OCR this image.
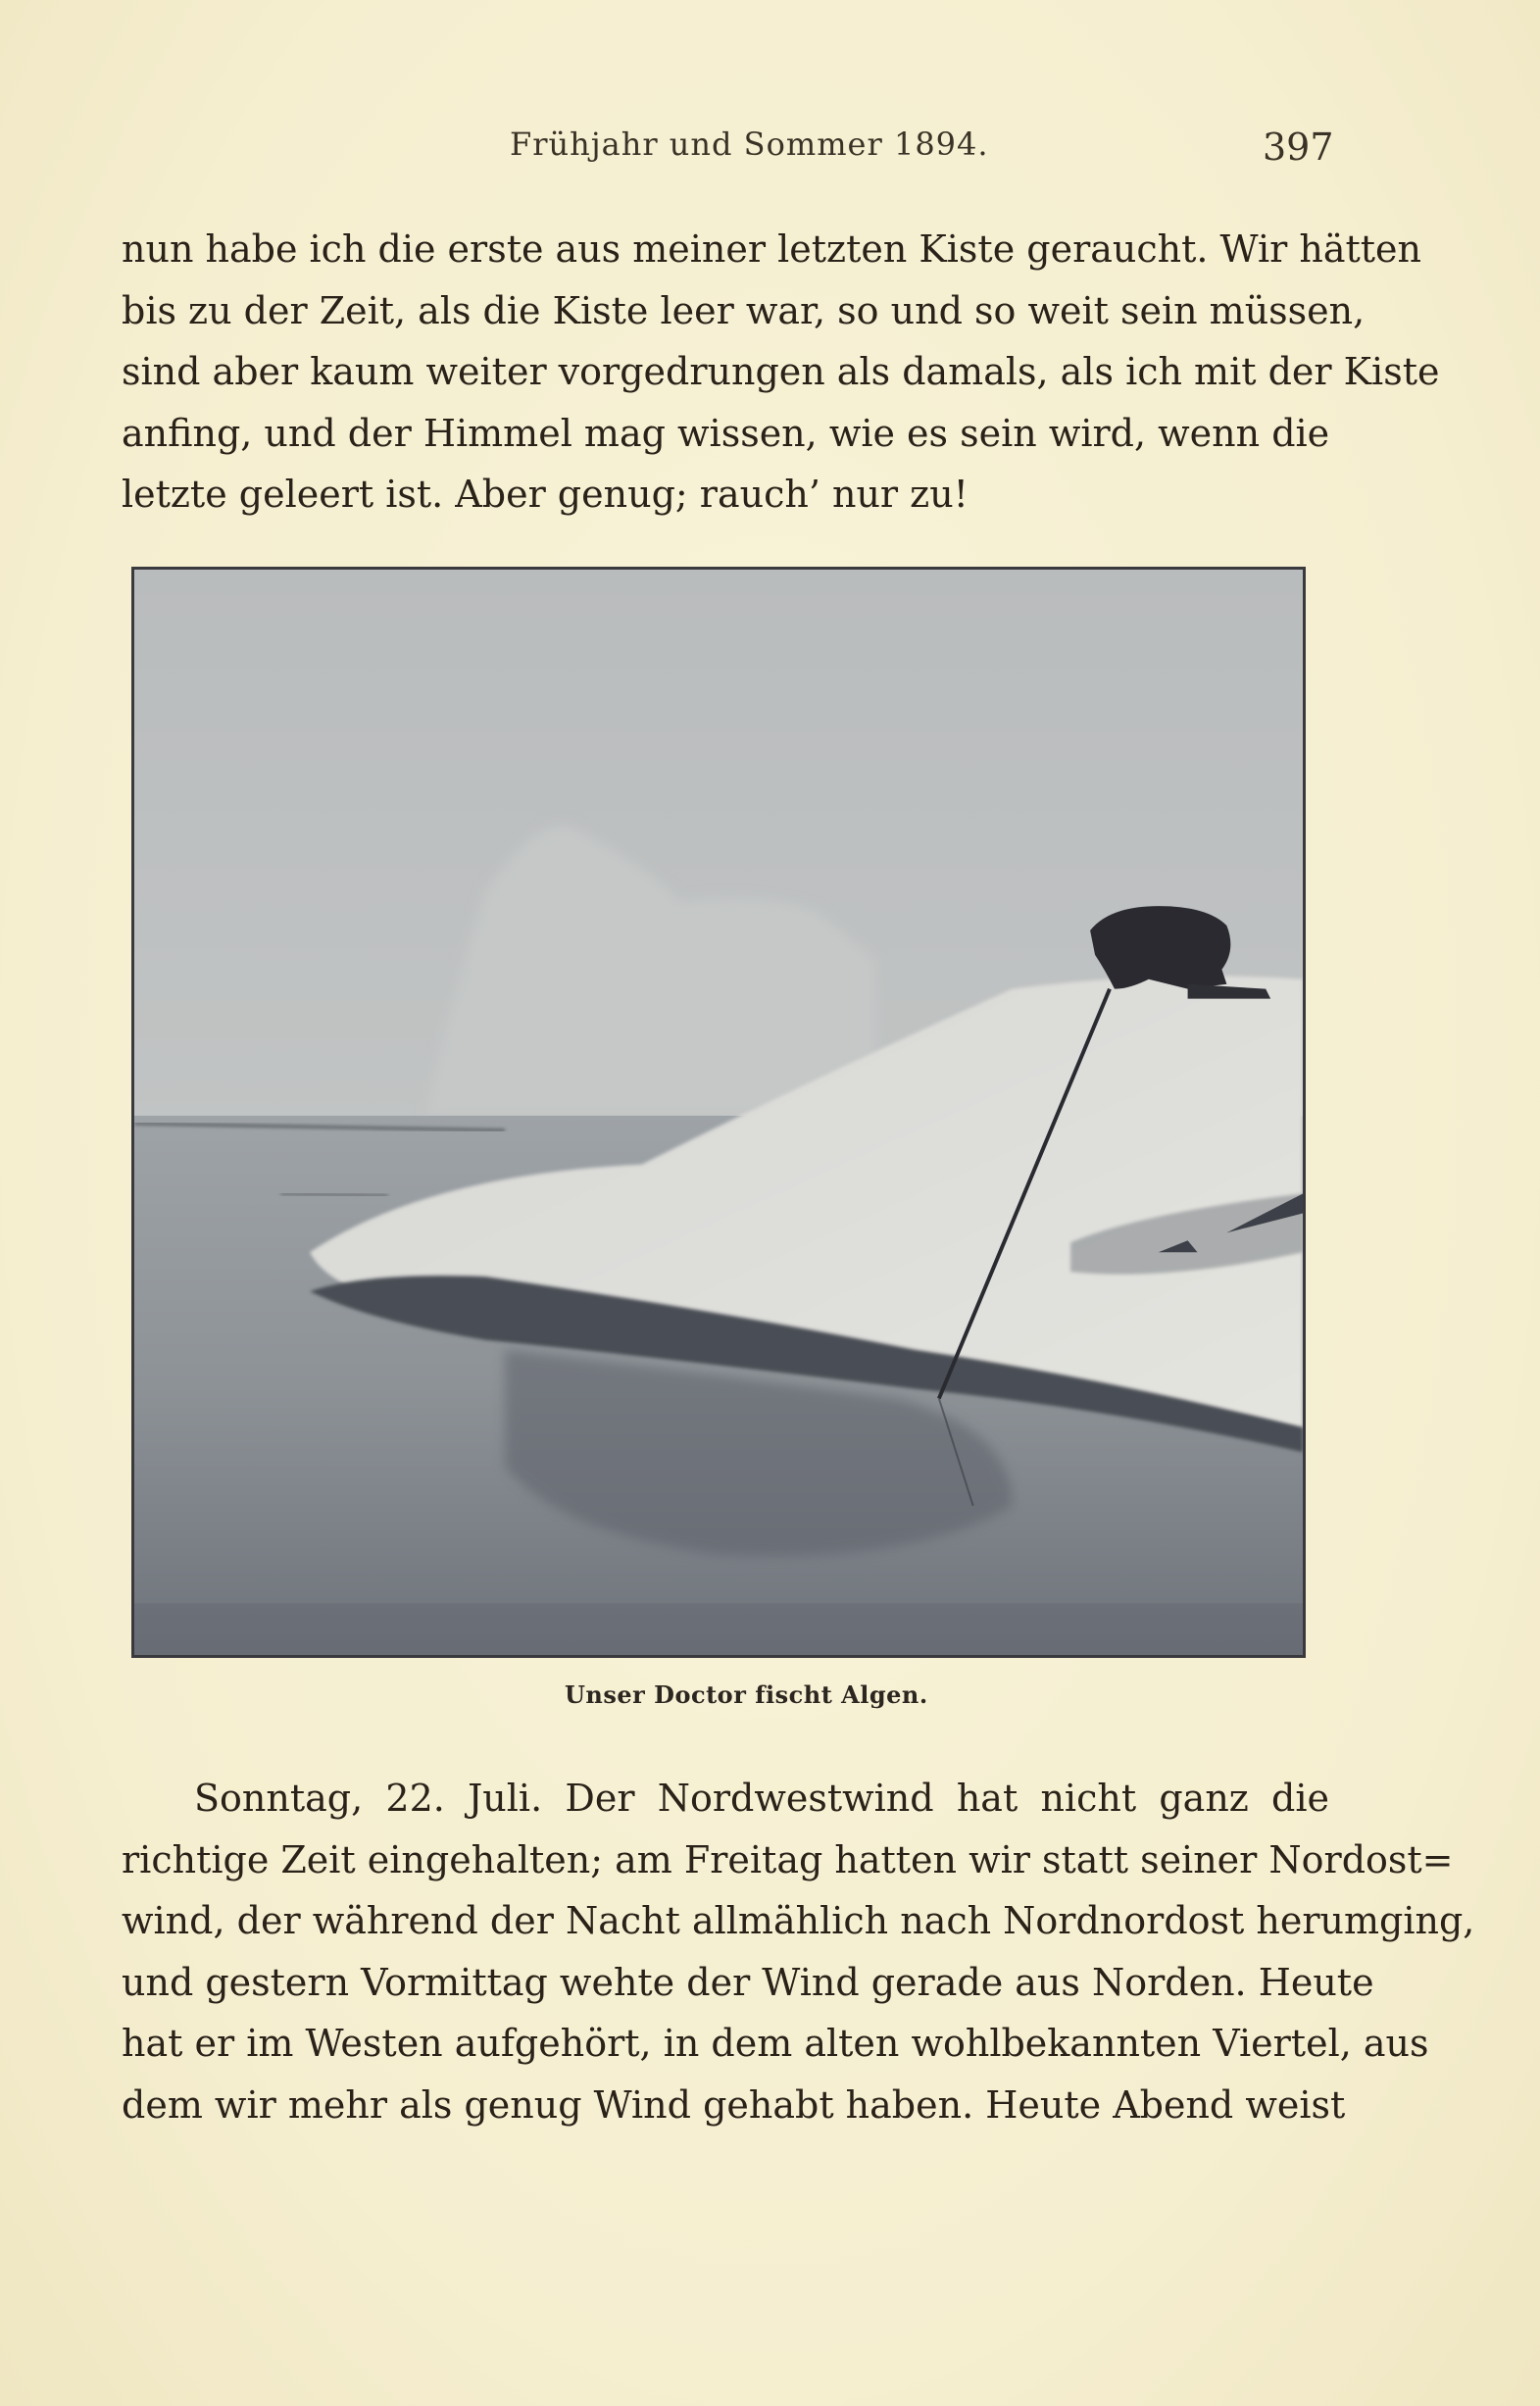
Frühjahr und Sommer 1894.	397
nun habe ich die erste aus meiner letzten Kiste geraucht. Wir hätten
bis zu der Zeit, als die Kiste leer war, so und so weit sein müssen,
sind aber kaum weiter vorgedrungen als damals, als ich mit der Kiste
anfing, und der Himmel mag wissen, wie es sein wird, wenn die
letzte geleert ist. Aber genug; rauch’ nur zu!
Unser Doctor fischt Algen.
Sonntag, 22. Juli. Der Nordwestwind hat nicht ganz die
richtige Zeit eingehalten; am Freitag hatten wir statt seiner Nordost=
wind, der während der Nacht allmählich nach Nordnordost herumging,
und gestern Vormittag wehte der Wind gerade aus Norden. Heute
hat er im Westen aufgehört, in dem alten wohlbekannten Viertel, aus
dem wir mehr als genug Wind gehabt haben. Heute Abend weist
